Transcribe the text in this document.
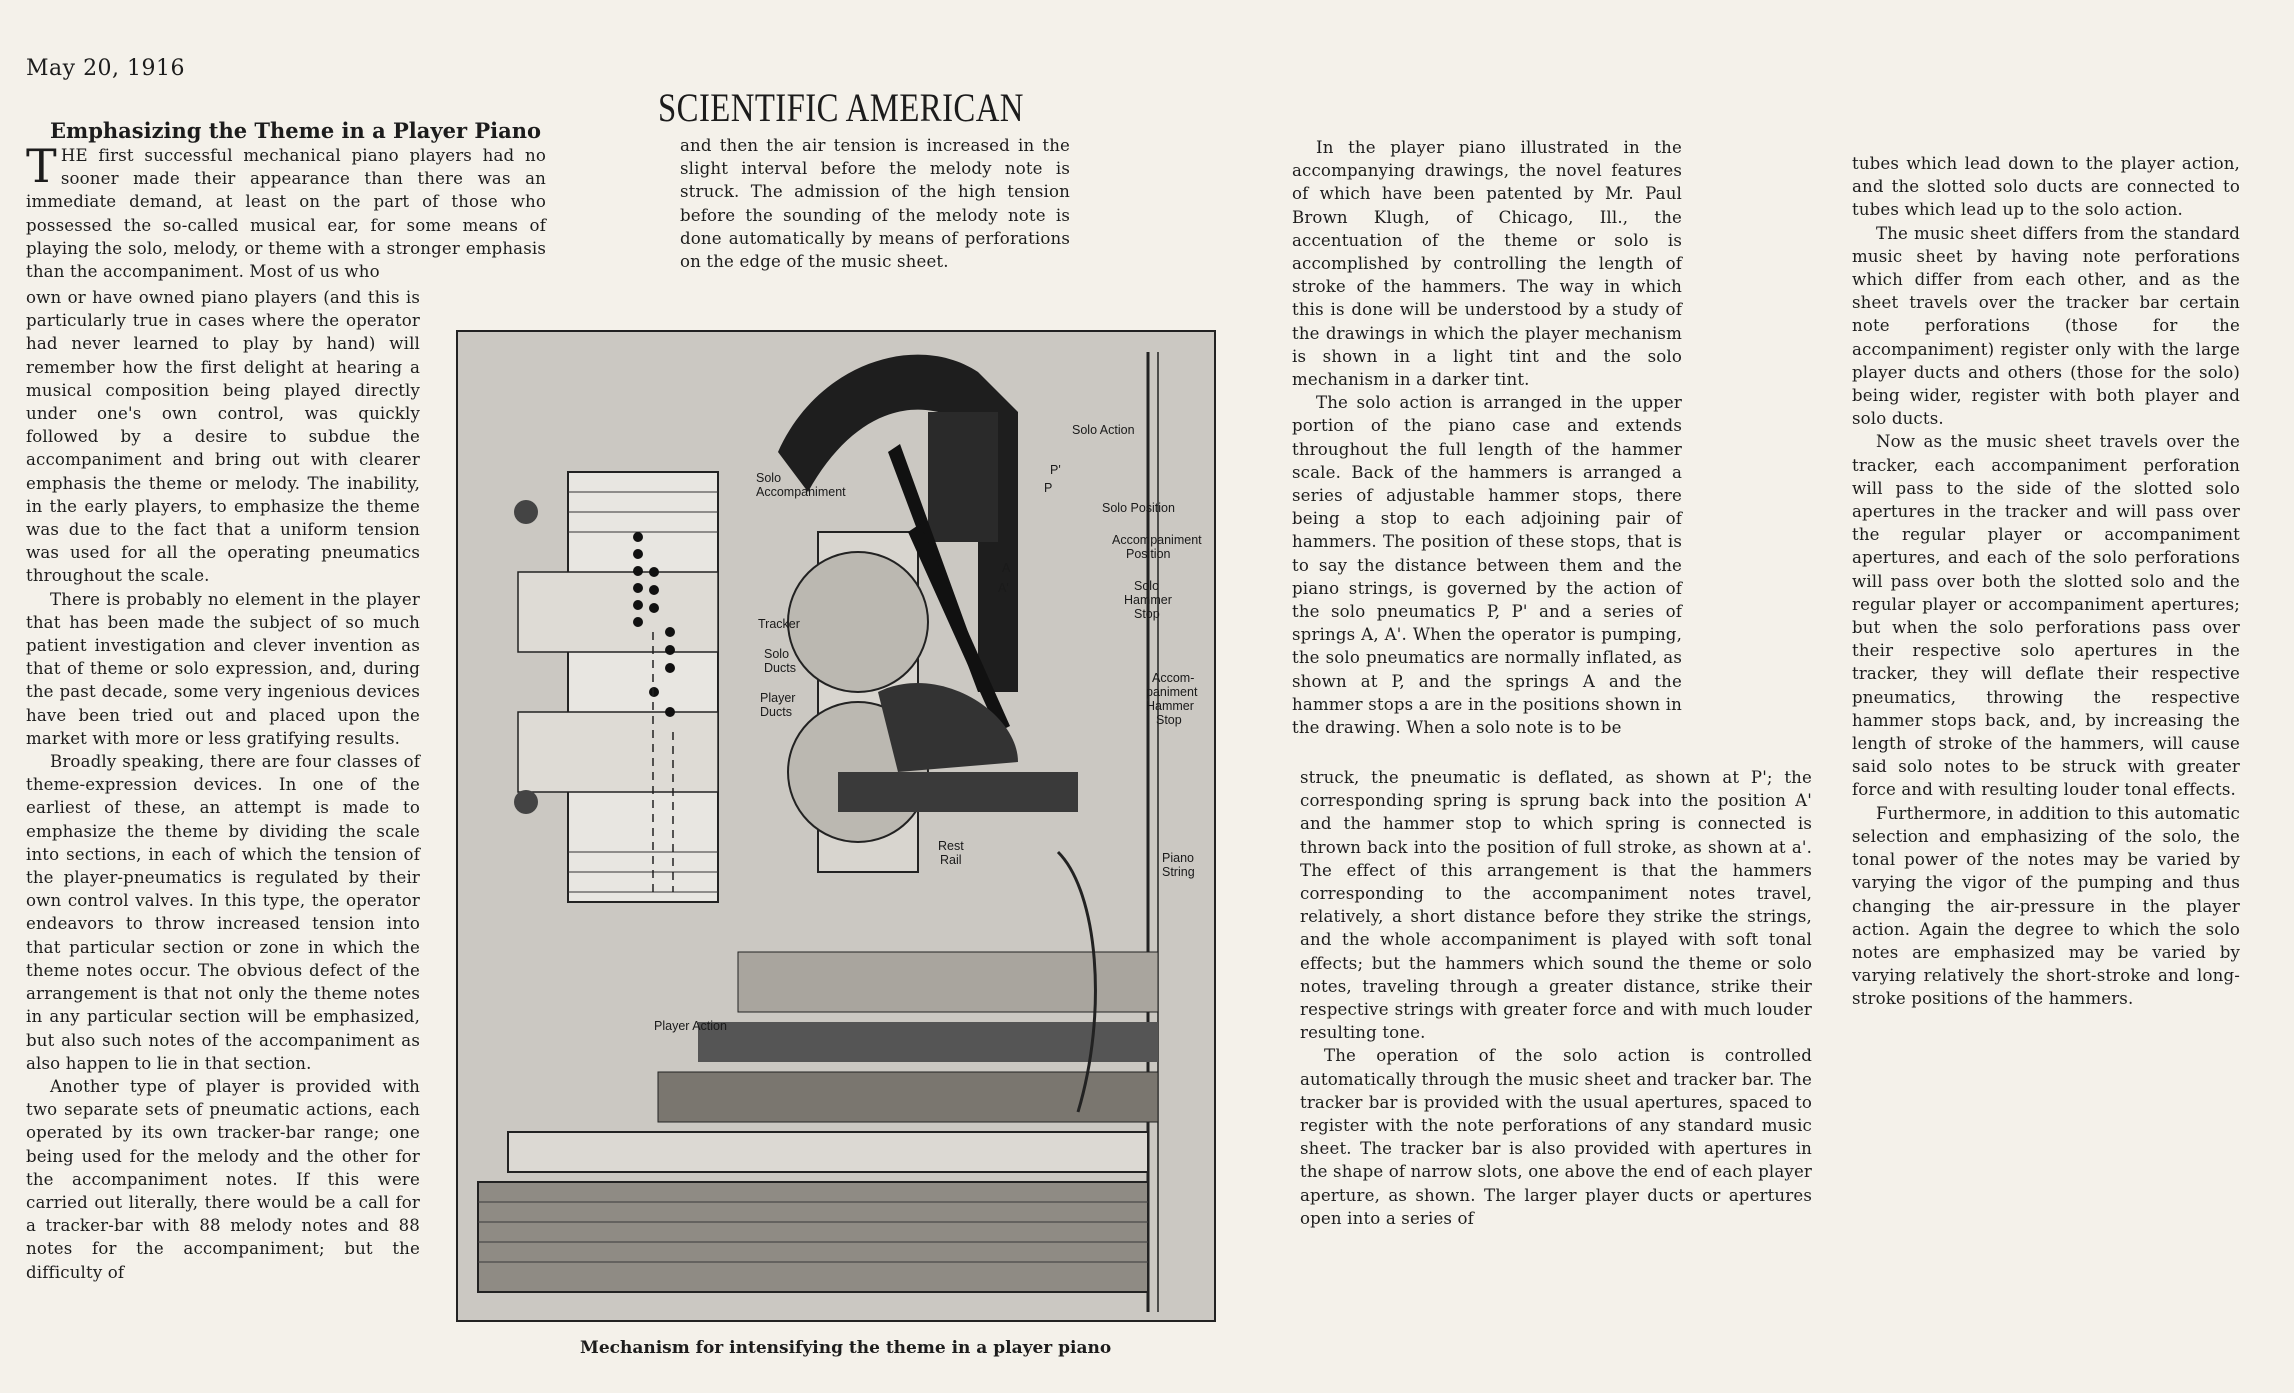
May 20, 1916
SCIENTIFIC AMERICAN
Emphasizing the Theme in a Player Piano

THE first successful mechanical piano players had no sooner made their appearance than there was an immediate demand, at least on the part of those who possessed the so-called musical ear, for some means of playing the solo, melody, or theme with a stronger emphasis than the accompaniment. Most of us who

own or have owned piano players (and this is particularly true in cases where the operator had never learned to play by hand) will remember how the first delight at hearing a musical composition being played directly under one's own control, was quickly followed by a desire to subdue the accompaniment and bring out with clearer emphasis the theme or melody. The inability, in the early players, to emphasize the theme was due to the fact that a uniform tension was used for all the operating pneumatics throughout the scale.

There is probably no element in the player that has been made the subject of so much patient investigation and clever invention as that of theme or solo expression, and, during the past decade, some very ingenious devices have been tried out and placed upon the market with more or less gratifying results.

Broadly speaking, there are four classes of theme-expression devices. In one of the earliest of these, an attempt is made to emphasize the theme by dividing the scale into sections, in each of which the tension of the player-pneumatics is regulated by their own control valves. In this type, the operator endeavors to throw increased tension into that particular section or zone in which the theme notes occur. The obvious defect of the arrangement is that not only the theme notes in any particular section will be emphasized, but also such notes of the accompaniment as also happen to lie in that section.

Another type of player is provided with two separate sets of pneumatic actions, each operated by its own tracker-bar range; one being used for the melody and the other for the accompaniment notes. If this were carried out literally, there would be a call for a tracker-bar with 88 melody notes and 88 notes for the accompaniment; but the difficulty of

and then the air tension is increased in the slight interval before the melody note is struck. The admission of the high tension before the sounding of the melody note is done automatically by means of perforations on the edge of the music sheet.

In the player piano illustrated in the accompanying drawings, the novel features of which have been patented by Mr. Paul Brown Klugh, of Chicago, Ill., the accentuation of the theme or solo is accomplished by controlling the length of stroke of the hammers. The way in which this is done will be understood by a study of the drawings in which the player mechanism is shown in a light tint and the solo mechanism in a darker tint.

The solo action is arranged in the upper portion of the piano case and extends throughout the full length of the hammer scale. Back of the hammers is arranged a series of adjustable hammer stops, there being a stop to each adjoining pair of hammers. The position of these stops, that is to say the distance between them and the piano strings, is governed by the action of the solo pneumatics P, P' and a series of springs A, A'. When the operator is pumping, the solo pneumatics are normally inflated, as shown at P, and the springs A and the hammer stops a are in the positions shown in the drawing. When a solo note is to be

struck, the pneumatic is deflated, as shown at P'; the corresponding spring is sprung back into the position A' and the hammer stop to which spring is connected is thrown back into the position of full stroke, as shown at a'. The effect of this arrangement is that the hammers corresponding to the accompaniment notes travel, relatively, a short distance before they strike the strings, and the whole accompaniment is played with soft tonal effects; but the hammers which sound the theme or solo notes, traveling through a greater distance, strike their respective strings with greater force and with much louder resulting tone.

The operation of the solo action is controlled automatically through the music sheet and tracker bar. The tracker bar is provided with the usual apertures, spaced to register with the note perforations of any standard music sheet. The tracker bar is also provided with apertures in the shape of narrow slots, one above the end of each player aperture, as shown. The larger player ducts or apertures open into a series of

tubes which lead down to the player action, and the slotted solo ducts are connected to tubes which lead up to the solo action.

The music sheet differs from the standard music sheet by having note perforations which differ from each other, and as the sheet travels over the tracker bar certain note perforations (those for the accompaniment) register only with the large player ducts and others (those for the solo) being wider, register with both player and solo ducts.

Now as the music sheet travels over the tracker, each accompaniment perforation will pass to the side of the slotted solo apertures in the tracker and will pass over the regular player or accompaniment apertures, and each of the solo perforations will pass over both the slotted solo and the regular player or accompaniment apertures; but when the solo perforations pass over their respective solo apertures in the tracker, they will deflate their respective pneumatics, throwing the respective hammer stops back, and, by increasing the length of stroke of the hammers, will cause said solo notes to be struck with greater force and with resulting louder tonal effects.

Furthermore, in addition to this automatic selection and emphasizing of the solo, the tonal power of the notes may be varied by varying the vigor of the pumping and thus changing the air-pressure in the player action. Again the degree to which the solo notes are emphasized may be varied by varying relatively the short-stroke and long-stroke positions of the hammers.

Solo
Accompaniment
Tracker
Solo
Ducts
Player
Ducts
Solo Action
P'
P
Solo Position
Accompaniment
Position
Solo
Hammer
Stop
A
A'
Accom-
paniment
Hammer
Stop
Rest
Rail	Piano
String
Player Action
Mechanism for intensifying the theme in a player piano
